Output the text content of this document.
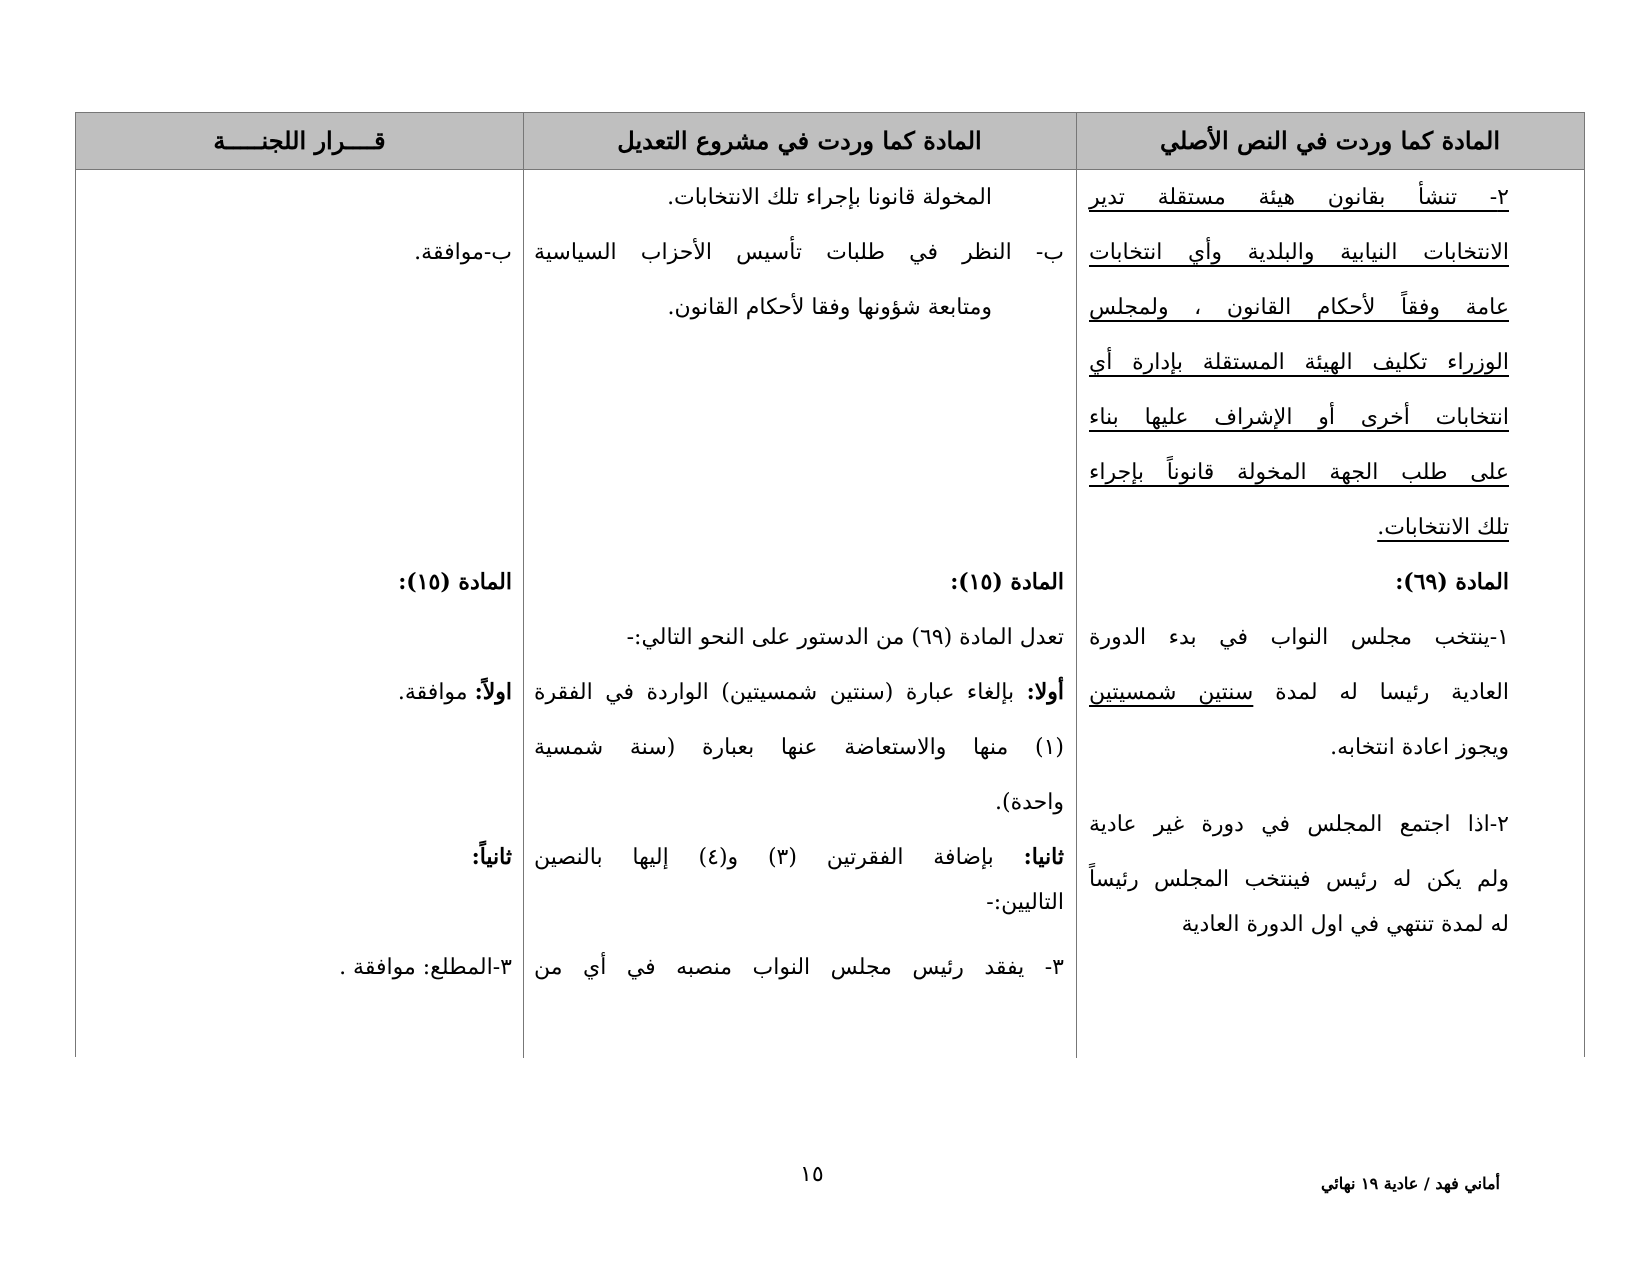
المادة كما وردت في النص الأصلي
المادة كما وردت في مشروع التعديل
قــــرار اللجنـــــة
٢- تنشأ بقانون هيئة مستقلة تدير
الانتخابات النيابية والبلدية وأي انتخابات
عامة وفقاً لأحكام القانون ، ولمجلس
الوزراء تكليف الهيئة المستقلة بإدارة أي
انتخابات أخرى أو الإشراف عليها بناء
على طلب الجهة المخولة قانوناً بإجراء
تلك الانتخابات.
المادة (٦٩):
١-ينتخب مجلس النواب في بدء الدورة
العادية رئيسا له لمدة سنتين شمسيتين
ويجوز اعادة انتخابه.
٢-اذا اجتمع المجلس في دورة غير عادية
ولم يكن له رئيس فينتخب المجلس رئيساً
له لمدة تنتهي في اول الدورة العادية
المخولة قانونا بإجراء تلك الانتخابات.
ب- النظر في طلبات تأسيس الأحزاب السياسية
ومتابعة شؤونها وفقا لأحكام القانون.
المادة (١٥):
تعدل المادة (٦٩) من الدستور على النحو التالي:-
أولا: بإلغاء عبارة (سنتين شمسيتين) الواردة في الفقرة
(١) منها والاستعاضة عنها بعبارة (سنة شمسية
واحدة).
ثانيا: بإضافة الفقرتين (٣) و(٤) إليها بالنصين
التاليين:-
٣- يفقد رئيس مجلس النواب منصبه في أي من
ب-موافقة.
المادة (١٥):
اولاً: موافقة.
ثانياً:
٣-المطلع: موافقة .
١٥	أماني فهد / عادية ١٩ نهائي
